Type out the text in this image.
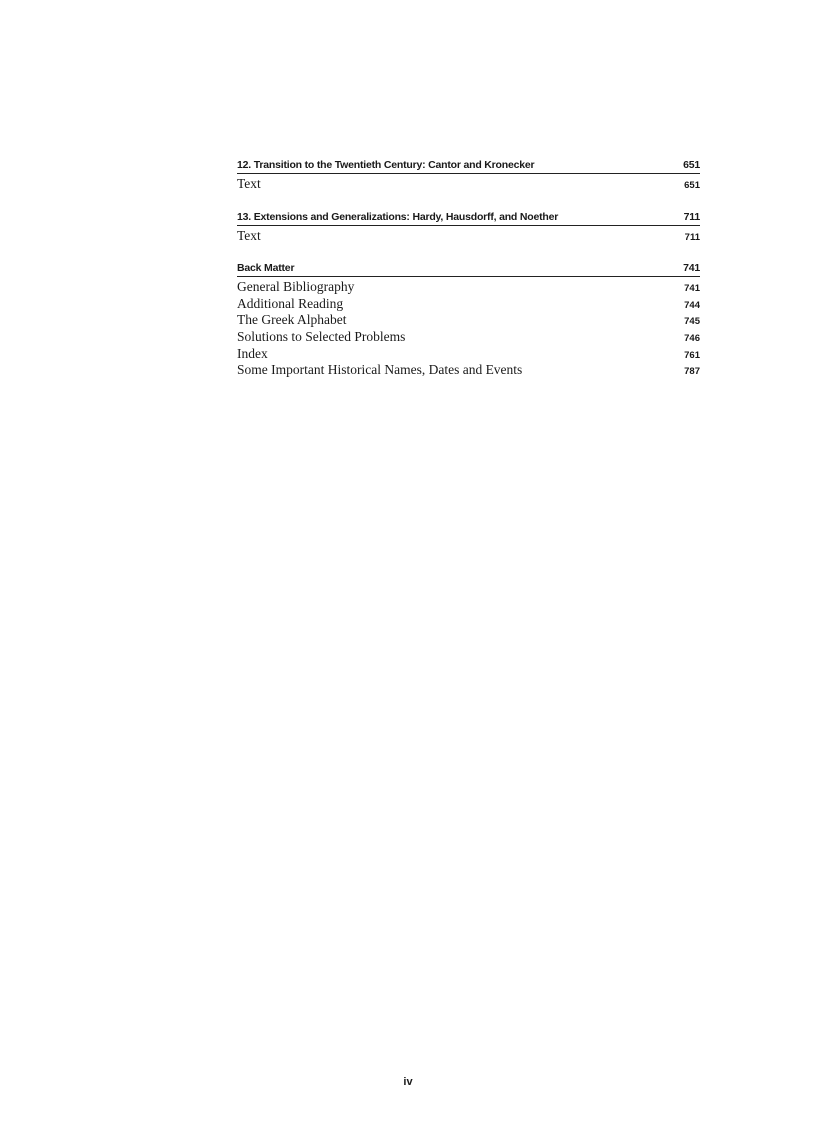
12. Transition to the Twentieth Century: Cantor and Kronecker	651
Text	651
13. Extensions and Generalizations: Hardy, Hausdorff, and Noether	711
Text	711
Back Matter	741
General Bibliography	741
Additional Reading	744
The Greek Alphabet	745
Solutions to Selected Problems	746
Index	761
Some Important Historical Names, Dates and Events	787
iv
